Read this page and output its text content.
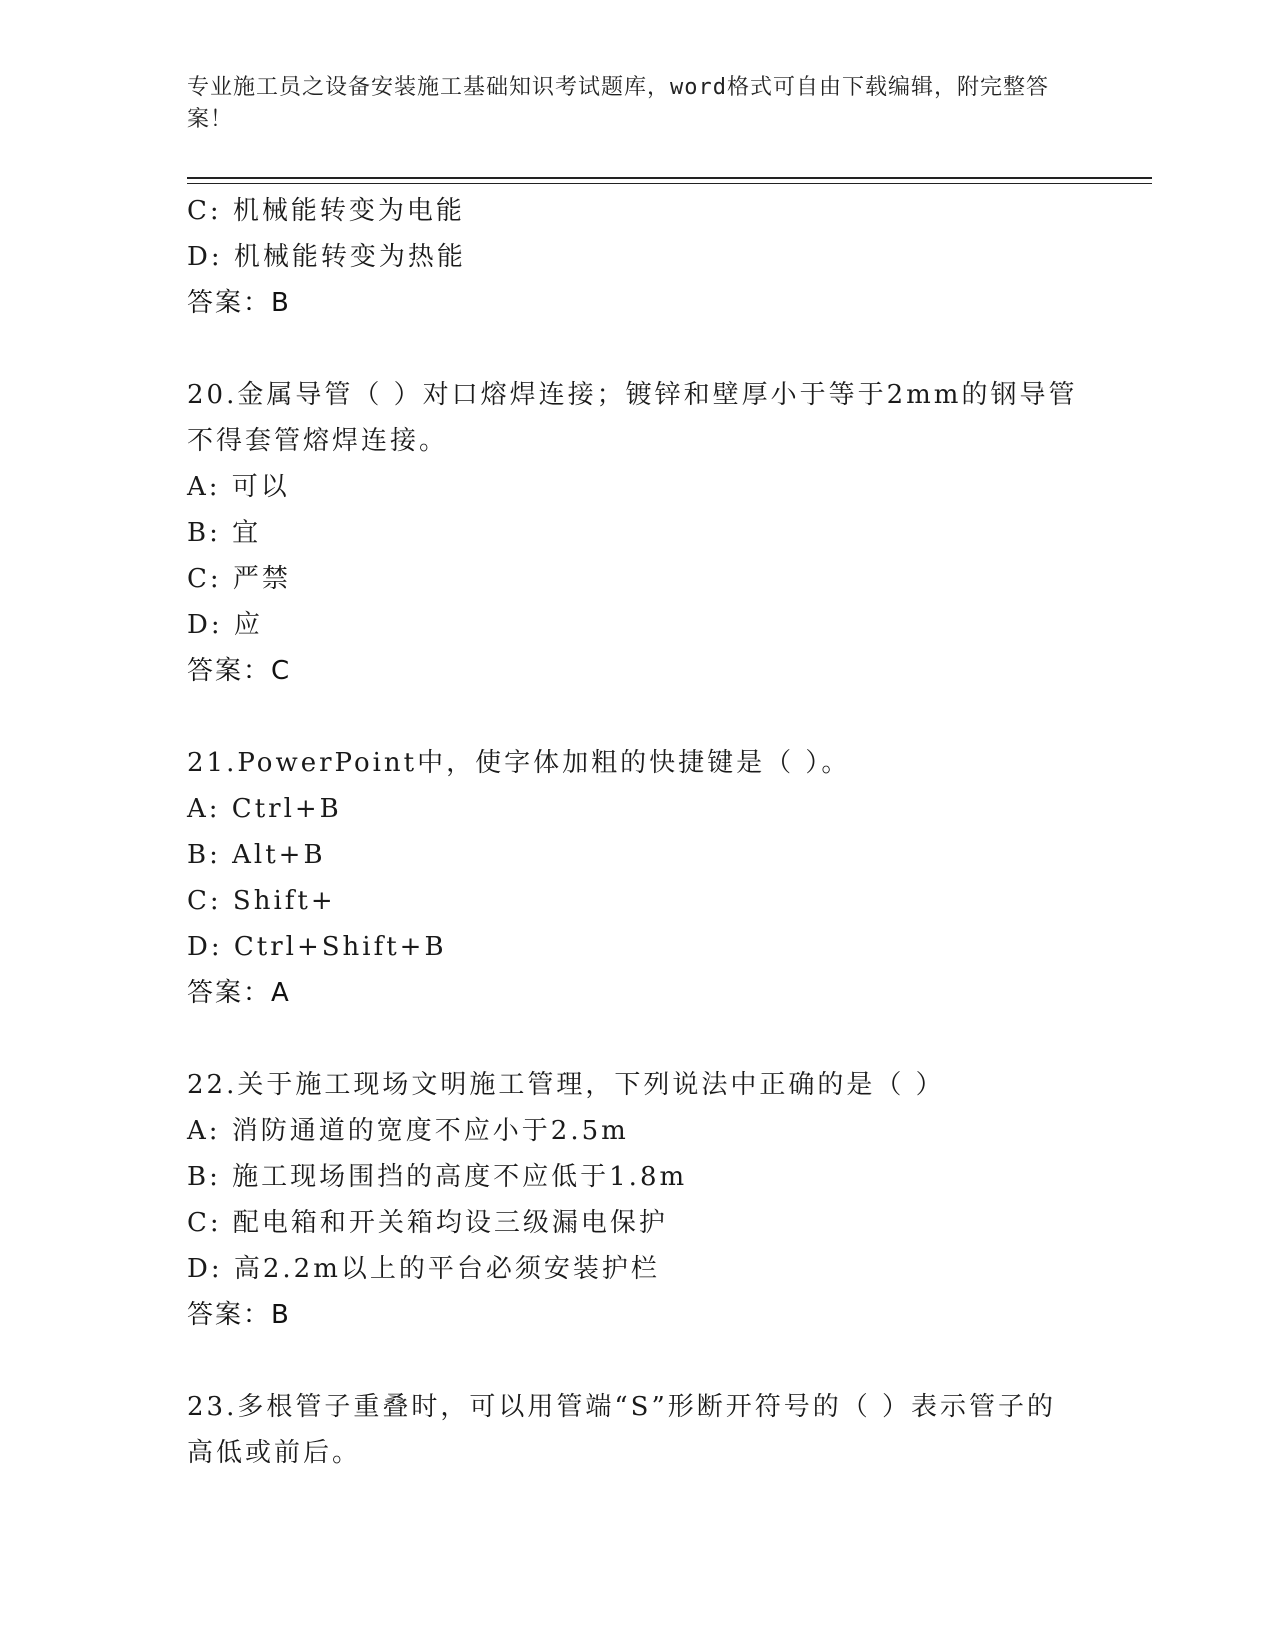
专业施工员之设备安装施工基础知识考试题库，word格式可自由下载编辑，附完整答案！
C: 机械能转变为电能
D: 机械能转变为热能
答案：B
20.金属导管（ ）对口熔焊连接；镀锌和壁厚小于等于2mm的钢导管
不得套管熔焊连接。
A: 可以
B: 宜
C: 严禁
D: 应
答案：C
21.PowerPoint中，使字体加粗的快捷键是（ ）。
A: Ctrl+B
B: Alt+B
C: Shift+
D: Ctrl+Shift+B
答案：A
22.关于施工现场文明施工管理，下列说法中正确的是（ ）
A: 消防通道的宽度不应小于2.5m
B: 施工现场围挡的高度不应低于1.8m
C: 配电箱和开关箱均设三级漏电保护
D: 高2.2m以上的平台必须安装护栏
答案：B
23.多根管子重叠时，可以用管端“S”形断开符号的（ ）表示管子的
高低或前后。
